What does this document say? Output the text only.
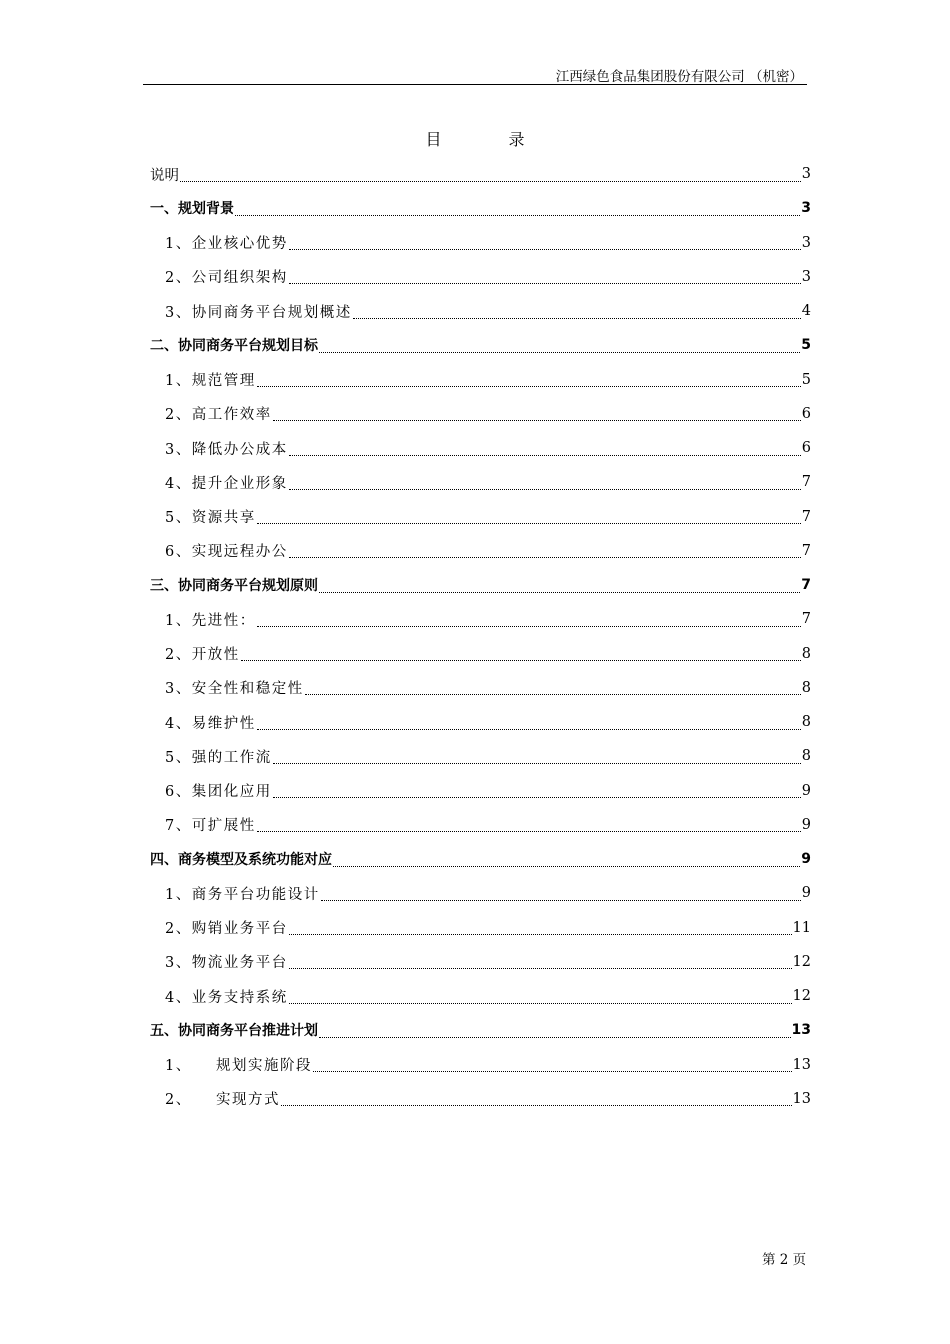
江西绿色食品集团股份有限公司 （机密）
目 录
说明	3
一、规划背景	3
1、企业核心优势	3
2、公司组织架构	3
3、协同商务平台规划概述	4
二、协同商务平台规划目标	5
1、规范管理	5
2、高工作效率	6
3、降低办公成本	6
4、提升企业形象	7
5、资源共享	7
6、实现远程办公	7
三、协同商务平台规划原则	7
1、先进性：	7
2、开放性	8
3、安全性和稳定性	8
4、易维护性	8
5、强的工作流	8
6、集团化应用	9
7、可扩展性	9
四、商务模型及系统功能对应	9
1、商务平台功能设计	9
2、购销业务平台	11
3、物流业务平台	12
4、业务支持系统	12
五、协同商务平台推进计划	13
1、 规划实施阶段	13
2、 实现方式	13
第 2 页
